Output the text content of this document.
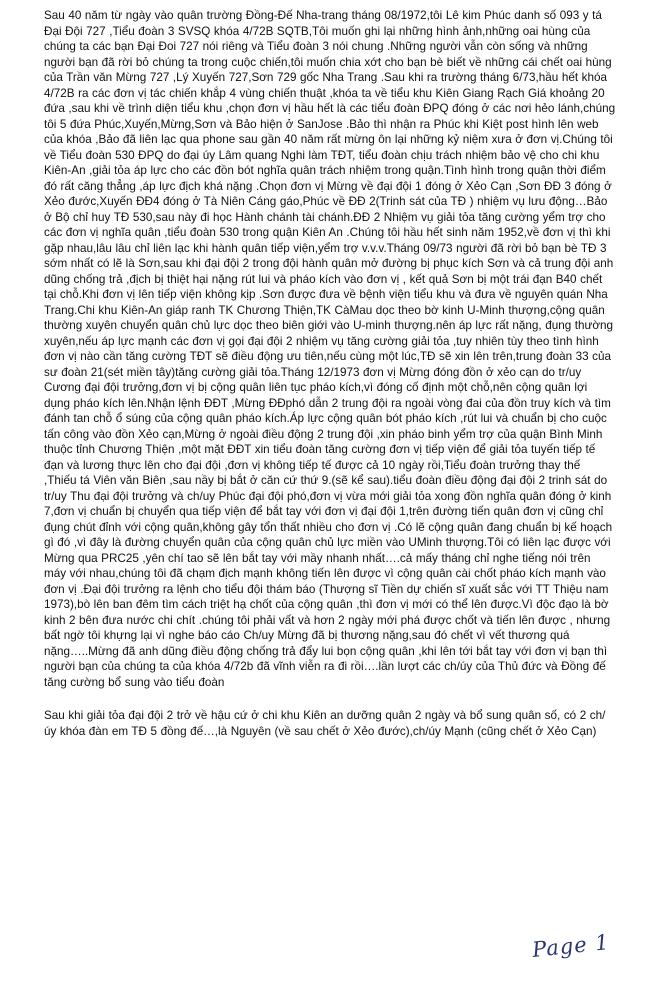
Sau 40 năm từ ngày vào quân trường Đồng-Đế Nha-trang tháng 08/1972,tôi Lê kim Phúc danh số 093 y tá Đại Đội 727 ,Tiểu đoàn 3 SVSQ khóa 4/72B SQTB,Tôi muốn ghi lại những hình ảnh,những oai hùng của chúng ta các bạn Đại Đoi 727 nói riêng và Tiểu đoàn 3 nói chung .Những người vẫn còn sống và những người bạn đã rời bỏ chúng ta trong cuộc chiến,tôi muốn chia xớt cho bạn bè biết về những cái chết oai hùng của Trần văn Mừng 727 ,Lý Xuyến 727,Sơn 729 gốc Nha Trang .Sau khi ra trường tháng 6/73,hầu hết khóa 4/72B ra các đơn vị tác chiến khắp 4 vùng chiến thuật ,khóa ta về tiểu khu Kiên Giang Rạch Giá khoảng 20 đứa ,sau khi về trình diện tiểu khu ,chọn đơn vị hầu hết là các tiểu đoàn ĐPQ đóng ở các nơi hẻo lánh,chúng tôi 5 đứa Phúc,Xuyến,Mừng,Sơn và Bảo hiện ở SanJose .Bảo thì nhận ra Phúc khi Kiệt post hình lên web của khóa ,Bảo đã liên lạc qua phone sau gần 40 năm rất mừng ôn lại những kỷ niệm xưa ở đơn vị.Chúng tôi về Tiểu đoàn 530 ĐPQ do đại úy Lâm quang Nghi làm TĐT, tiểu đoàn chịu trách nhiệm bảo vệ cho chi khu Kiên-An ,giải tỏa áp lực cho các đồn bót nghĩa quân trách nhiệm trong quận.Tình hình trong quận thời điểm đó rất căng thẳng ,áp lực địch khá nặng .Chọn đơn vị Mừng về đại đội 1 đóng ở Xẻo Cạn ,Sơn ĐĐ 3 đóng ở Xẻo đước,Xuyến ĐĐ4 đóng ở Tà Niên Cáng gáo,Phúc về ĐĐ 2(Trinh sát của TĐ ) nhiệm vụ lưu động…Bảo ở Bộ chỉ huy TĐ 530,sau này đi học Hành chánh tài chánh.ĐĐ 2 Nhiệm vụ giải tỏa tăng cường yểm trợ cho các đơn vị nghĩa quân ,tiểu đoàn 530 trong quận Kiên An .Chúng tôi hầu hết sinh năm 1952,về đơn vị thì khi gặp nhau,lâu lâu chỉ liên lạc khi hành quân tiếp viện,yểm trợ v.v.v.Tháng 09/73 người đã rời bỏ bạn bè TĐ 3 sớm nhất có lẽ là Sơn,sau khi đại đội 2 trong đội hành quân mở đường bị phục kích Sơn và cả trung đội anh dũng chống trả ,địch bị thiệt hại nặng rút lui và pháo kích vào đơn vị , kết quả Sơn bị một trái đạn B40 chết tại chỗ.Khi đơn vị lên tiếp viện không kịp .Sơn được đưa về bệnh viện tiểu khu và đưa về nguyên quán Nha Trang.Chi khu Kiên-An giáp ranh TK Chương Thiện,TK CàMau dọc theo bờ kinh U-Minh thượng,cộng quân thường xuyên chuyển quân chủ lực dọc theo biên giới vào U-minh thượng.nên áp lực rất nặng, đụng thường xuyên,nếu áp lực mạnh các đơn vị gọi đại đội 2 nhiệm vụ tăng cường giải tỏa ,tuy nhiên tùy theo tình hình đơn vị nào cần tăng cường TĐT sẽ điều động ưu tiên,nếu cùng một lúc,TĐ sẽ xin lên trên,trung đoàn 33 của sư đoàn 21(sét miền tây)tăng cường giải tỏa.Tháng 12/1973 đơn vị Mừng đóng đồn ở xẻo cạn do tr/uy Cương đại đội trưởng,đơn vị bị cộng quân liên tục pháo kích,vì đóng cố định một chỗ,nên cộng quân lợi dụng pháo kích lên.Nhận lệnh ĐĐT ,Mừng ĐĐphó dẫn 2 trung đội ra ngoài vòng đai của đồn truy kích và tìm đánh tan chỗ ổ súng của cộng quân pháo kích.Áp lực cộng quân bót pháo kích ,rút lui và chuẩn bị cho cuộc tấn công vào đồn Xẻo cạn,Mừng ở ngoài điều động 2 trung đội ,xin pháo binh yểm trợ của quận Bình Minh thuộc tỉnh Chương Thiện ,một mặt ĐĐT xin tiểu đoàn tăng cường đơn vị tiếp viện để giải tỏa tuyến tiếp tế đạn và lương thực lên cho đại đội ,đơn vị không tiếp tế được cả 10 ngày rồi,Tiểu đoàn trưởng thay thế ,Thiếu tá Viên văn Biên ,sau nầy bị bắt ở căn cứ thứ 9.(sẽ kể sau).tiểu đoàn điều động đại đội 2 trinh sát do tr/uy Thu đại đội trưởng và ch/uy Phúc đại đội phó,đơn vị vừa mới giải tỏa xong đồn nghĩa quân đóng ở kinh 7,đơn vị chuẩn bị chuyển qua tiếp viện để bắt tay với đơn vị đại đội 1,trên đường tiến quân đơn vị cũng chỉ đụng chút đỉnh với cộng quân,không gây tổn thất nhiều cho đơn vị .Có lẽ cộng quân đang chuẩn bị kế hoạch gì đó ,vì đây là đường chuyển quân của cộng quân chủ lực miền vào UMinh thượng.Tôi có liên lạc được với Mừng qua PRC25 ,yên chí tao sẽ lên bắt tay với mầy nhanh nhất….cả mấy tháng chỉ nghe tiếng nói trên máy với nhau,chúng tôi đã chạm địch mạnh không tiến lên được vì cộng quân cài chốt pháo kích mạnh vào đơn vị .Đại đội trưởng ra lệnh cho tiểu đội thám báo (Thượng sĩ Tiền dự chiến sĩ xuất sắc với TT Thiệu nam 1973),bò lên ban đêm tìm cách triệt hạ chốt của cộng quân ,thì đơn vị mới có thể lên được.Vì độc đạo là bờ kinh 2 bên đưa nước chi chít .chúng tôi phải vất và hơn 2 ngày mới phá được chốt và tiến lên được , nhưng bất ngờ tôi khựng lại vì nghe báo cáo Ch/uy Mừng đã bị thương nặng,sau đó chết vì vết thương quá nặng…..Mừng đã anh dũng điều động chống trả đẩy lui bọn cộng quân ,khi lên tới bắt tay với đơn vị bạn thì người bạn của chúng ta của khóa 4/72b đã vĩnh viễn ra đi rồi….lần lượt các ch/úy của Thủ đức và Đồng đế tăng cường bổ sung vào tiểu đoàn

Sau khi giải tỏa đại đội 2 trở về hậu cứ ở chi khu Kiên an dưỡng quân 2 ngày và bổ sung quân số, có 2 ch/úy khóa đàn em TĐ 5 đồng đế…,là Nguyên (về sau chết ở Xẻo đước),ch/úy Mạnh (cũng chết ở Xẻo Cạn)

Page 1
